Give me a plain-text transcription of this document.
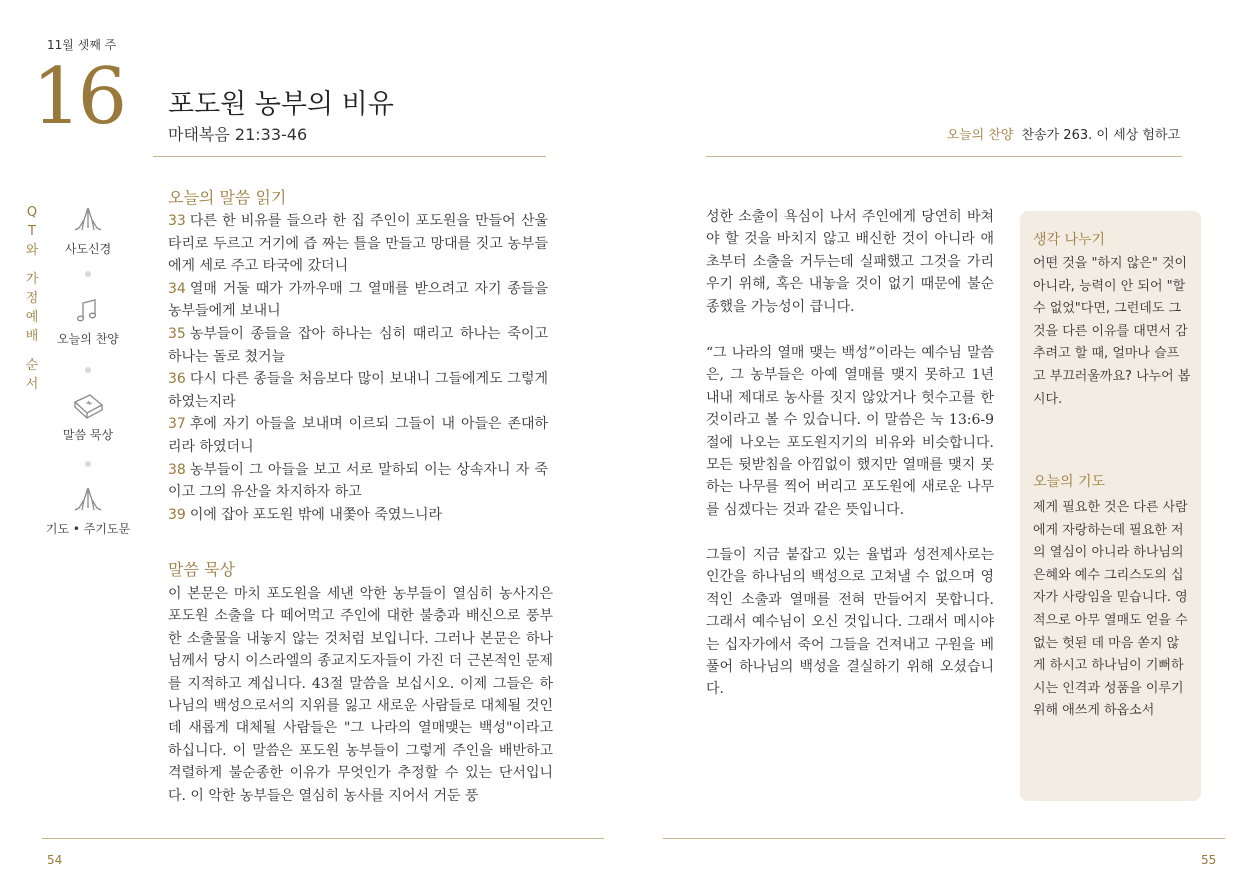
11월 셋째 주
16 포도원 농부의 비유
마태복음 21:33-46	오늘의 찬양 찬송가 263. 이 세상 험하고
Q
T
와
가
정
예
배
순
서
사도신경
오늘의 찬양
말씀 묵상
기도 • 주기도문
오늘의 말씀 읽기
33 다른 한 비유를 들으라 한 집 주인이 포도원을 만들어 산울타리로 두르고 거기에 즙 짜는 틀을 만들고 망대를 짓고 농부들에게 세로 주고 타국에 갔더니
34 열매 거둘 때가 가까우매 그 열매를 받으려고 자기 종들을 농부들에게 보내니
35 농부들이 종들을 잡아 하나는 심히 때리고 하나는 죽이고 하나는 돌로 쳤거늘
36 다시 다른 종들을 처음보다 많이 보내니 그들에게도 그렇게 하였는지라
37 후에 자기 아들을 보내며 이르되 그들이 내 아들은 존대하리라 하였더니
38 농부들이 그 아들을 보고 서로 말하되 이는 상속자니 자 죽이고 그의 유산을 차지하자 하고
39 이에 잡아 포도원 밖에 내쫓아 죽였느니라
말씀 묵상
이 본문은 마치 포도원을 세낸 악한 농부들이 열심히 농사지은 포도원 소출을 다 떼어먹고 주인에 대한 불충과 배신으로 풍부한 소출물을 내놓지 않는 것처럼 보입니다. 그러나 본문은 하나님께서 당시 이스라엘의 종교지도자들이 가진 더 근본적인 문제를 지적하고 계십니다. 43절 말씀을 보십시오. 이제 그들은 하나님의 백성으로서의 지위를 잃고 새로운 사람들로 대체될 것인데 새롭게 대체될 사람들은 "그 나라의 열매맺는 백성"이라고 하십니다. 이 말씀은 포도원 농부들이 그렇게 주인을 배반하고 격렬하게 불순종한 이유가 무엇인가 추정할 수 있는 단서입니다. 이 악한 농부들은 열심히 농사를 지어서 거둔 풍
성한 소출이 욕심이 나서 주인에게 당연히 바쳐야 할 것을 바치지 않고 배신한 것이 아니라 애초부터 소출을 거두는데 실패했고 그것을 가리우기 위해, 혹은 내놓을 것이 없기 때문에 불순종했을 가능성이 큽니다.
“그 나라의 열매 맺는 백성”이라는 예수님 말씀은, 그 농부들은 아예 열매를 맺지 못하고 1년 내내 제대로 농사를 짓지 않았거나 헛수고를 한 것이라고 볼 수 있습니다. 이 말씀은 눅 13:6-9절에 나오는 포도원지기의 비유와 비슷합니다. 모든 뒷받침을 아낌없이 했지만 열매를 맺지 못하는 나무를 찍어 버리고 포도원에 새로운 나무를 심겠다는 것과 같은 뜻입니다.
그들이 지금 붙잡고 있는 율법과 성전제사로는 인간을 하나님의 백성으로 고쳐낼 수 없으며 영적인 소출과 열매를 전혀 만들어지 못합니다. 그래서 예수님이 오신 것입니다. 그래서 메시야는 십자가에서 죽어 그들을 건져내고 구원을 베풀어 하나님의 백성을 결실하기 위해 오셨습니다.
생각 나누기
어떤 것을 "하지 않은" 것이 아니라, 능력이 안 되어 "할 수 없었"다면, 그런데도 그것을 다른 이유를 대면서 감추려고 할 때, 얼마나 슬프고 부끄러울까요? 나누어 봅시다.
오늘의 기도
제게 필요한 것은 다른 사람에게 자랑하는데 필요한 저의 열심이 아니라 하나님의 은혜와 예수 그리스도의 십자가 사랑임을 믿습니다. 영적으로 아무 열매도 얻을 수 없는 헛된 데 마음 쏟지 않게 하시고 하나님이 기뻐하시는 인격과 성품을 이루기 위해 애쓰게 하옵소서
54	55
